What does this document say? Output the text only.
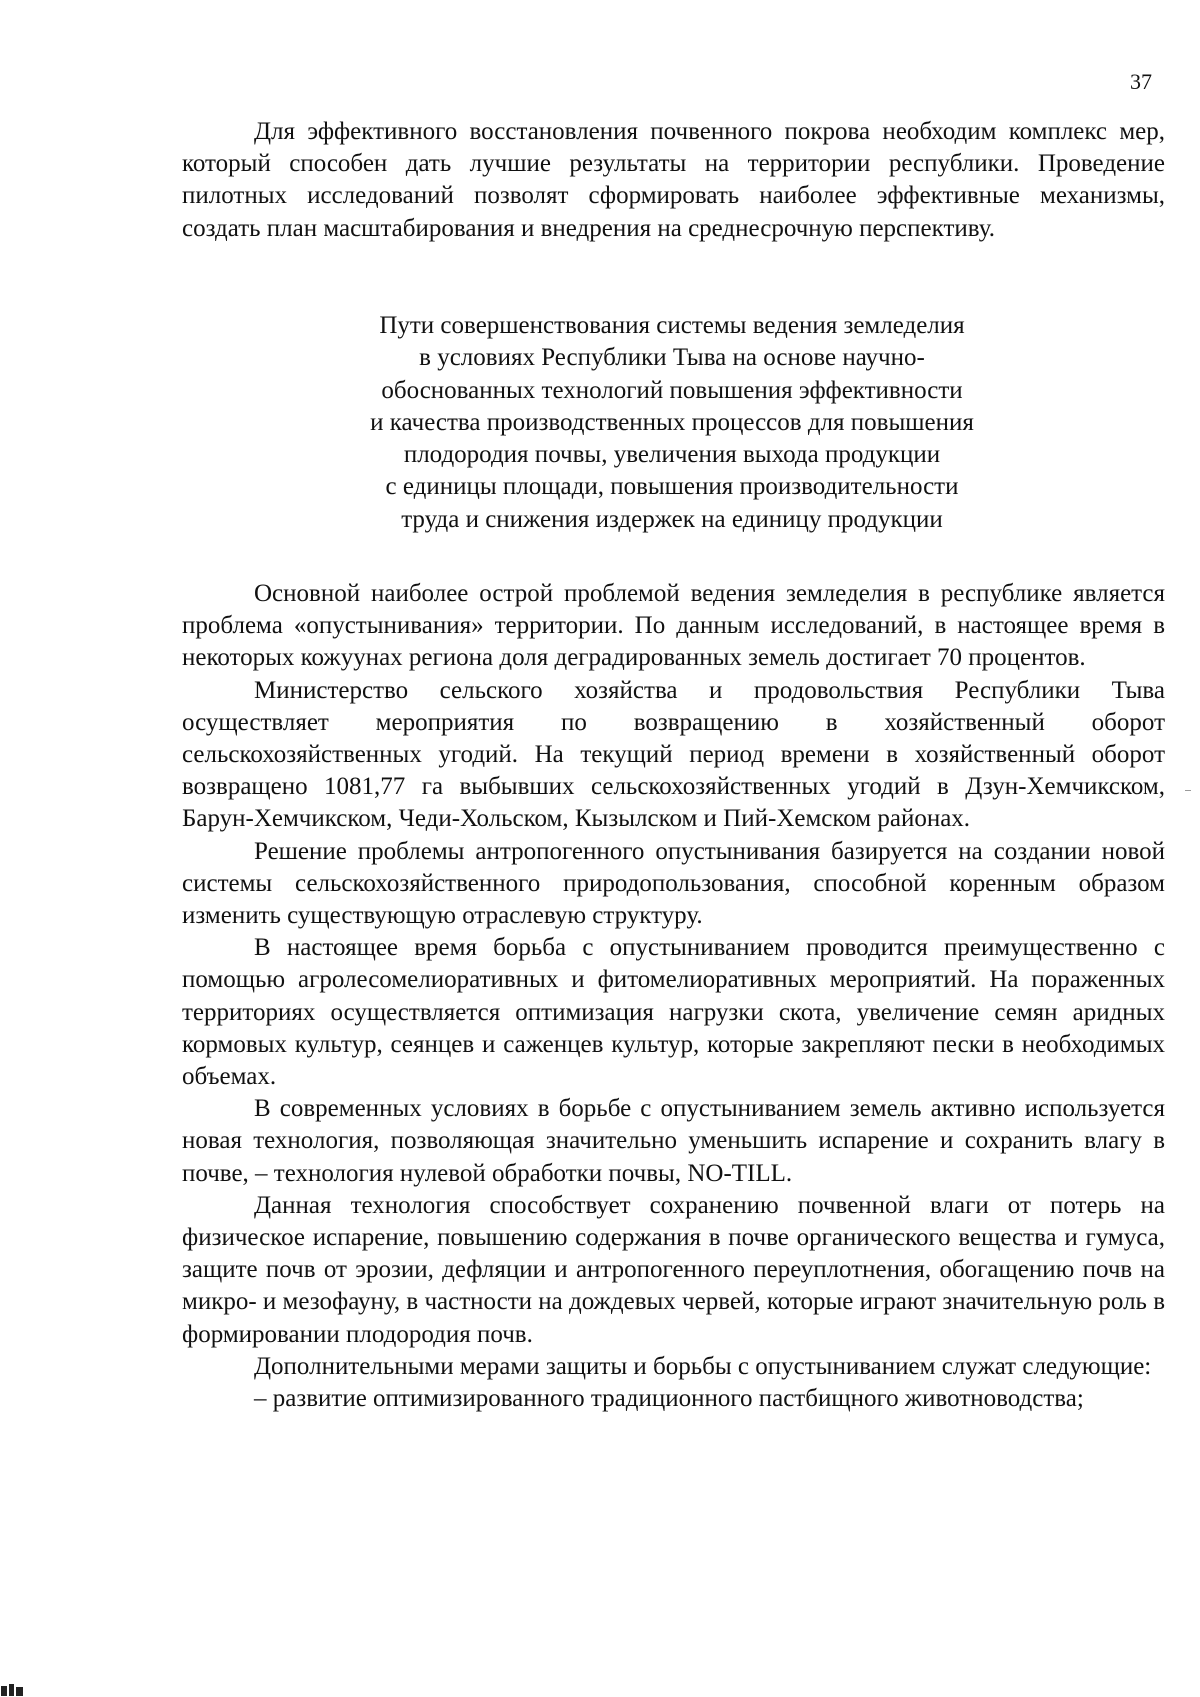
37

Для эффективного восстановления почвенного покрова необходим комплекс мер, который способен дать лучшие результаты на территории республики. Проведение пилотных исследований позволят сформировать наиболее эффективные механизмы, создать план масштабирования и внедрения на среднесрочную перспективу.

Пути совершенствования системы ведения земледелия
в условиях Республики Тыва на основе научно-
обоснованных технологий повышения эффективности
и качества производственных процессов для повышения
плодородия почвы, увеличения выхода продукции
с единицы площади, повышения производительности
труда и снижения издержек на единицу продукции

Основной наиболее острой проблемой ведения земледелия в республике является проблема «опустынивания» территории. По данным исследований, в настоящее время в некоторых кожуунах региона доля деградированных земель достигает 70 процентов.

Министерство сельского хозяйства и продовольствия Республики Тыва осуществляет мероприятия по возвращению в хозяйственный оборот сельскохозяйственных угодий. На текущий период времени в хозяйственный оборот возвращено 1081,77 га выбывших сельскохозяйственных угодий в Дзун-Хемчикском, Барун-Хемчикском, Чеди-Хольском, Кызылском и Пий-Хемском районах.

Решение проблемы антропогенного опустынивания базируется на создании новой системы сельскохозяйственного природопользования, способной коренным образом изменить существующую отраслевую структуру.

В настоящее время борьба с опустыниванием проводится преимущественно с помощью агролесомелиоративных и фитомелиоративных мероприятий. На пораженных территориях осуществляется оптимизация нагрузки скота, увеличение семян аридных кормовых культур, сеянцев и саженцев культур, которые закрепляют пески в необходимых объемах.

В современных условиях в борьбе с опустыниванием земель активно используется новая технология, позволяющая значительно уменьшить испарение и сохранить влагу в почве, – технология нулевой обработки почвы, NO-TILL.

Данная технология способствует сохранению почвенной влаги от потерь на физическое испарение, повышению содержания в почве органического вещества и гумуса, защите почв от эрозии, дефляции и антропогенного переуплотнения, обогащению почв на микро- и мезофауну, в частности на дождевых червей, которые играют значительную роль в формировании плодородия почв.

Дополнительными мерами защиты и борьбы с опустыниванием служат следующие:

– развитие оптимизированного традиционного пастбищного животноводства;
